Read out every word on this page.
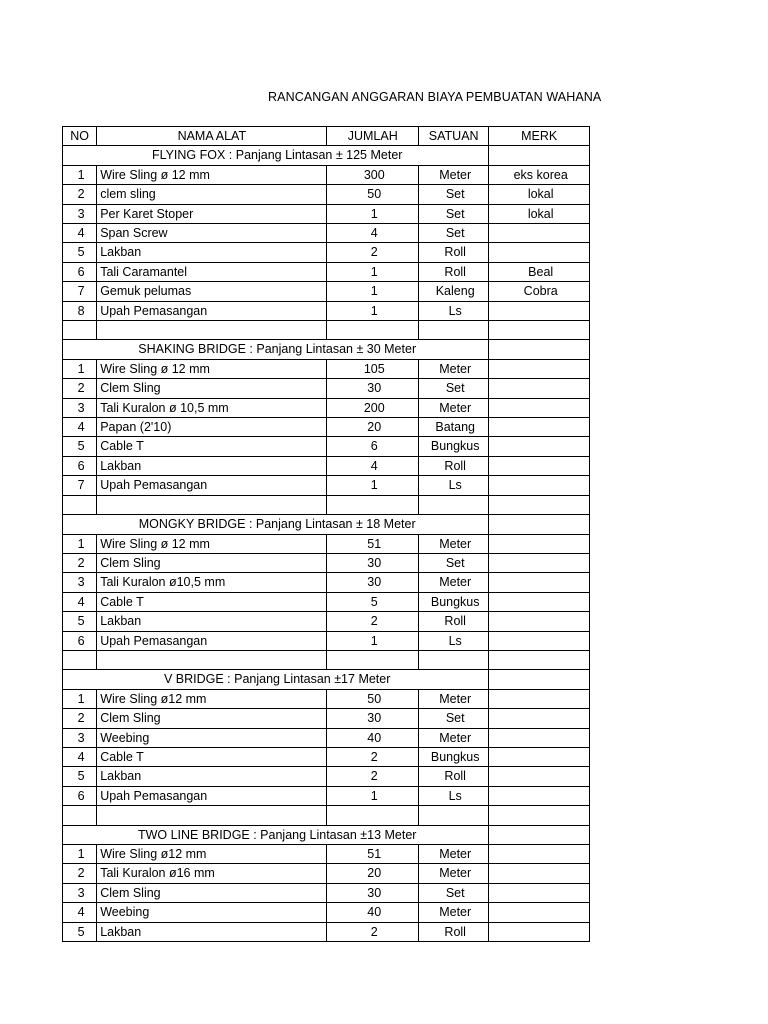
RANCANGAN ANGGARAN BIAYA PEMBUATAN WAHANA
NO	NAMA ALAT	JUMLAH	SATUAN	MERK
FLYING FOX : Panjang Lintasan ± 125 Meter				
1	Wire Sling ø 12 mm	300	Meter	eks korea
2	clem sling	50	Set	lokal
3	Per Karet Stoper	1	Set	lokal
4	Span Screw	4	Set	
5	Lakban	2	Roll	
6	Tali Caramantel	1	Roll	Beal
7	Gemuk pelumas	1	Kaleng	Cobra
8	Upah Pemasangan	1	Ls	

SHAKING BRIDGE : Panjang Lintasan ± 30 Meter				
1	Wire Sling ø 12 mm	105	Meter	
2	Clem Sling	30	Set	
3	Tali Kuralon ø 10,5 mm	200	Meter	
4	Papan (2'10)	20	Batang	
5	Cable T	6	Bungkus	
6	Lakban	4	Roll	
7	Upah Pemasangan	1	Ls	

MONGKY BRIDGE : Panjang Lintasan ± 18 Meter				
1	Wire Sling ø 12 mm	51	Meter	
2	Clem Sling	30	Set	
3	Tali Kuralon ø10,5 mm	30	Meter	
4	Cable T	5	Bungkus	
5	Lakban	2	Roll	
6	Upah Pemasangan	1	Ls	

V BRIDGE : Panjang Lintasan ±17 Meter				
1	Wire Sling ø12 mm	50	Meter	
2	Clem Sling	30	Set	
3	Weebing	40	Meter	
4	Cable T	2	Bungkus	
5	Lakban	2	Roll	
6	Upah Pemasangan	1	Ls	

TWO LINE BRIDGE : Panjang Lintasan ±13 Meter				
1	Wire Sling ø12 mm	51	Meter	
2	Tali Kuralon ø16 mm	20	Meter	
3	Clem Sling	30	Set	
4	Weebing	40	Meter	
5	Lakban	2	Roll	
